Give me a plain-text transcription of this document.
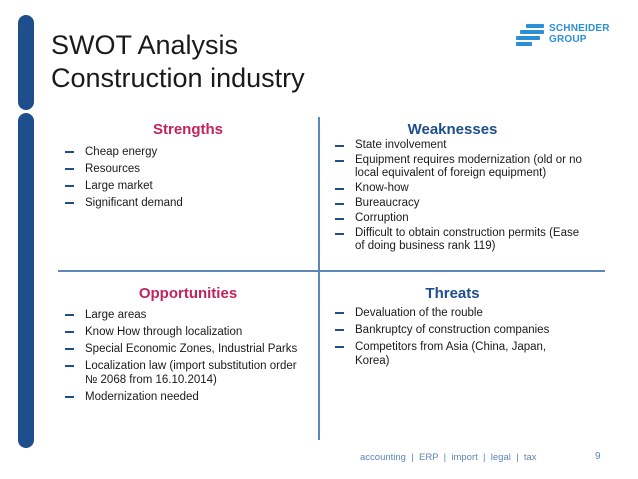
SWOT Analysis
Construction industry
SCHNEIDER
GROUP
Strengths
Cheap energy
Resources
Large market
Significant demand
Weaknesses
State involvement
Equipment requires modernization (old or no local equivalent of foreign equipment)
Know-how
Bureaucracy
Corruption
Difficult to obtain construction permits (Ease of doing business rank 119)
Opportunities
Large areas
Know How through localization
Special Economic Zones, Industrial Parks
Localization law (import substitution order № 2068 from 16.10.2014)
Modernization needed
Threats
Devaluation of the rouble
Bankruptcy of construction companies
Competitors from Asia (China, Japan, Korea)
accounting  |  ERP  |  import  |  legal  |  tax	9
